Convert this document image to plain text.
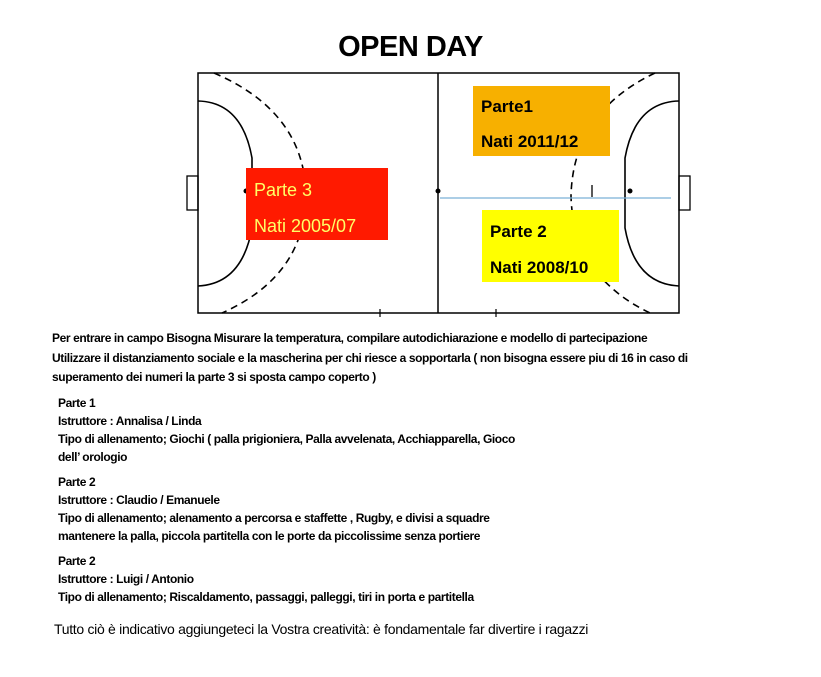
OPEN DAY
Parte1
Nati 2011/12
Parte 2
Nati 2008/10
Parte 3
Nati 2005/07
Per entrare in campo Bisogna Misurare la temperatura, compilare autodichiarazione e modello di partecipazione
Utilizzare il distanziamento sociale e la mascherina per chi riesce a sopportarla ( non bisogna essere piu di 16 in caso di
superamento dei numeri la parte 3 si sposta campo coperto )
Parte 1
Istruttore : Annalisa / Linda
Tipo di allenamento; Giochi ( palla prigioniera, Palla avvelenata, Acchiapparella, Gioco
dell’ orologio
Parte 2
Istruttore : Claudio / Emanuele
Tipo di allenamento; alenamento a percorsa e staffette , Rugby, e divisi a squadre
mantenere la palla, piccola partitella con le porte da piccolissime senza portiere
Parte 2
Istruttore : Luigi / Antonio
Tipo di allenamento; Riscaldamento, passaggi, palleggi, tiri in porta e partitella
Tutto ciò è indicativo aggiungeteci la Vostra creatività: è fondamentale far divertire i ragazzi
